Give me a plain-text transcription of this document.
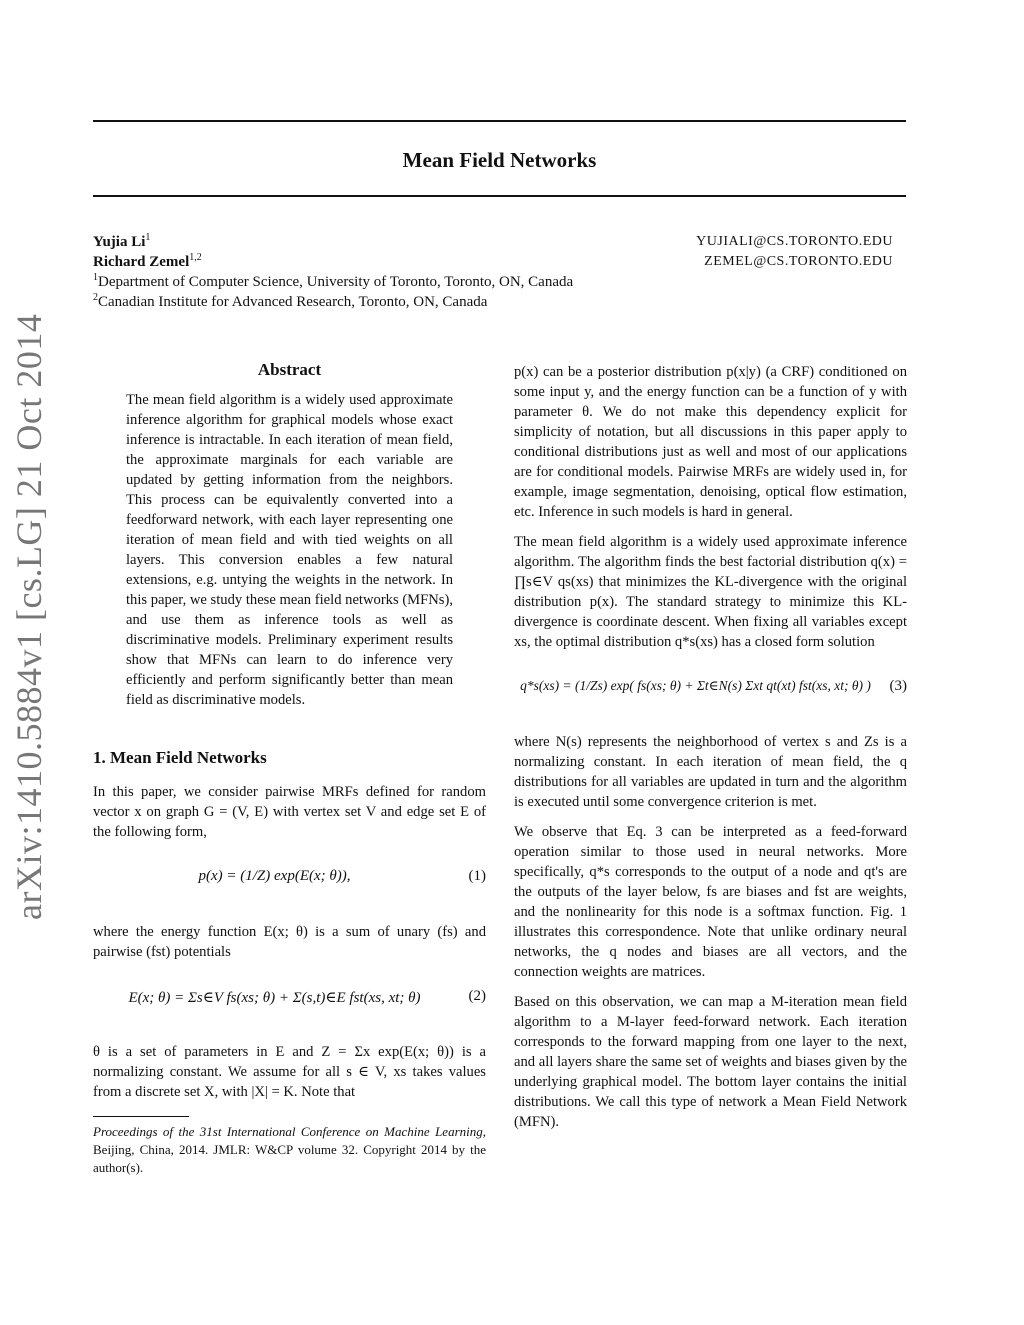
Mean Field Networks
Yujia Li$^1$	YUJIALI@CS.TORONTO.EDU
Richard Zemel$^{1,2}$	ZEMEL@CS.TORONTO.EDU
$^1$Department of Computer Science, University of Toronto, Toronto, ON, Canada
$^2$Canadian Institute for Advanced Research, Toronto, ON, Canada
arXiv:1410.5884v1 [cs.LG] 21 Oct 2014	Abstract
The mean field algorithm is a widely used approximate inference algorithm for graphical models whose exact inference is intractable. In each iteration of mean field, the approximate marginals for each variable are updated by getting information from the neighbors. This process can be equivalently converted into a feedforward network, with each layer representing one iteration of mean field and with tied weights on all layers. This conversion enables a few natural extensions, e.g. untying the weights in the network. In this paper, we study these mean field networks (MFNs), and use them as inference tools as well as discriminative models. Preliminary experiment results show that MFNs can learn to do inference very efficiently and perform significantly better than mean field as discriminative models.
1. Mean Field Networks

In this paper, we consider pairwise MRFs defined for random vector x on graph G = (V, E) with vertex set V and edge set E of the following form,

p(x) = (1/Z) exp(E(x; θ)),	(1)

where the energy function E(x; θ) is a sum of unary (fs) and pairwise (fst) potentials

E(x; θ) = Σs∈V fs(xs; θ) + Σ(s,t)∈E fst(xs, xt; θ)	(2)

θ is a set of parameters in E and Z = Σx exp(E(x; θ)) is a normalizing constant. We assume for all s ∈ V, xs takes values from a discrete set X, with |X| = K. Note that

Proceedings of the 31st International Conference on Machine Learning, Beijing, China, 2014. JMLR: W&CP volume 32. Copyright 2014 by the author(s).

p(x) can be a posterior distribution p(x|y) (a CRF) conditioned on some input y, and the energy function can be a function of y with parameter θ. We do not make this dependency explicit for simplicity of notation, but all discussions in this paper apply to conditional distributions just as well and most of our applications are for conditional models. Pairwise MRFs are widely used in, for example, image segmentation, denoising, optical flow estimation, etc. Inference in such models is hard in general.

The mean field algorithm is a widely used approximate inference algorithm. The algorithm finds the best factorial distribution q(x) = ∏s∈V qs(xs) that minimizes the KL-divergence with the original distribution p(x). The standard strategy to minimize this KL-divergence is coordinate descent. When fixing all variables except xs, the optimal distribution q*s(xs) has a closed form solution

q*s(xs) = (1/Zs) exp( fs(xs; θ) + Σt∈N(s) Σxt qt(xt) fst(xs, xt; θ) )	(3)

where N(s) represents the neighborhood of vertex s and Zs is a normalizing constant. In each iteration of mean field, the q distributions for all variables are updated in turn and the algorithm is executed until some convergence criterion is met.

We observe that Eq. 3 can be interpreted as a feed-forward operation similar to those used in neural networks. More specifically, q*s corresponds to the output of a node and qt's are the outputs of the layer below, fs are biases and fst are weights, and the nonlinearity for this node is a softmax function. Fig. 1 illustrates this correspondence. Note that unlike ordinary neural networks, the q nodes and biases are all vectors, and the connection weights are matrices.

Based on this observation, we can map a M-iteration mean field algorithm to a M-layer feed-forward network. Each iteration corresponds to the forward mapping from one layer to the next, and all layers share the same set of weights and biases given by the underlying graphical model. The bottom layer contains the initial distributions. We call this type of network a Mean Field Network (MFN).
